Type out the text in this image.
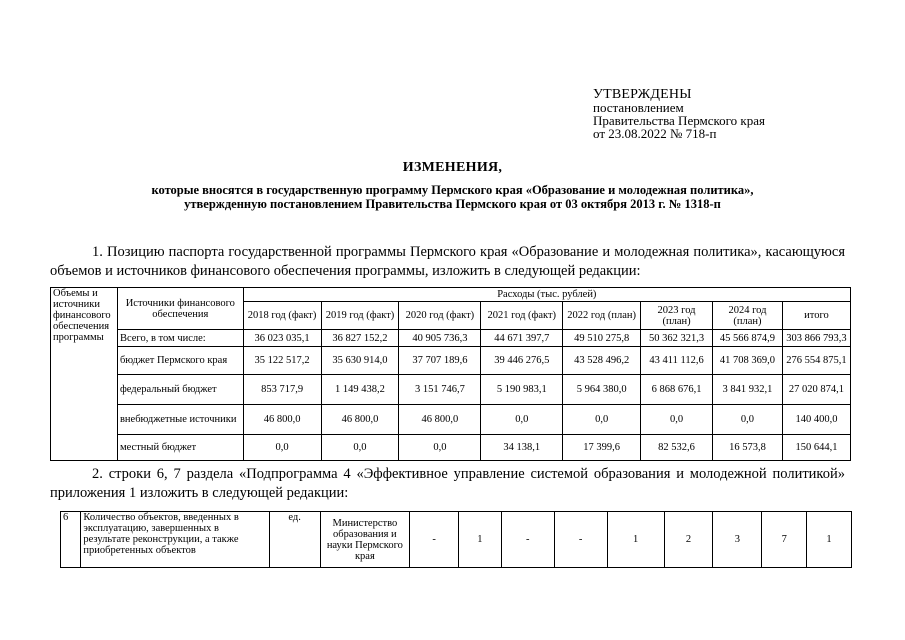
УТВЕРЖДЕНЫ
постановлением
Правительства Пермского края
от 23.08.2022 № 718-п
ИЗМЕНЕНИЯ,
которые вносятся в государственную программу Пермского края «Образование и молодежная политика»,
утвержденную постановлением Правительства Пермского края от 03 октября 2013 г. № 1318-п
1. Позицию паспорта государственной программы Пермского края «Образование и молодежная политика», касающуюся объемов и источников финансового обеспечения программы, изложить в следующей редакции:
Объемы и источники финансового обеспечения программы	Источники финансового обеспечения	Расходы (тыс. рублей)							
		2018 год (факт)	2019 год (факт)	2020 год (факт)	2021 год (факт)	2022 год (план)	2023 год (план)	2024 год (план)	итого
	Всего, в том числе:	36 023 035,1	36 827 152,2	40 905 736,3	44 671 397,7	49 510 275,8	50 362 321,3	45 566 874,9	303 866 793,3
	бюджет Пермского края	35 122 517,2	35 630 914,0	37 707 189,6	39 446 276,5	43 528 496,2	43 411 112,6	41 708 369,0	276 554 875,1
	федеральный бюджет	853 717,9	1 149 438,2	3 151 746,7	5 190 983,1	5 964 380,0	6 868 676,1	3 841 932,1	27 020 874,1
	внебюджетные источники	46 800,0	46 800,0	46 800,0	0,0	0,0	0,0	0,0	140 400,0
	местный бюджет	0,0	0,0	0,0	34 138,1	17 399,6	82 532,6	16 573,8	150 644,1
2. строки 6, 7 раздела «Подпрограмма 4 «Эффективное управление системой образования и молодежной политикой» приложения 1 изложить в следующей редакции:
6	Количество объектов, введенных в эксплуатацию, завершенных в результате реконструкции, а также приобретенных объектов	ед.	Министерство образования и науки Пермского края	-	1	-	-	1	2	3	7	1
